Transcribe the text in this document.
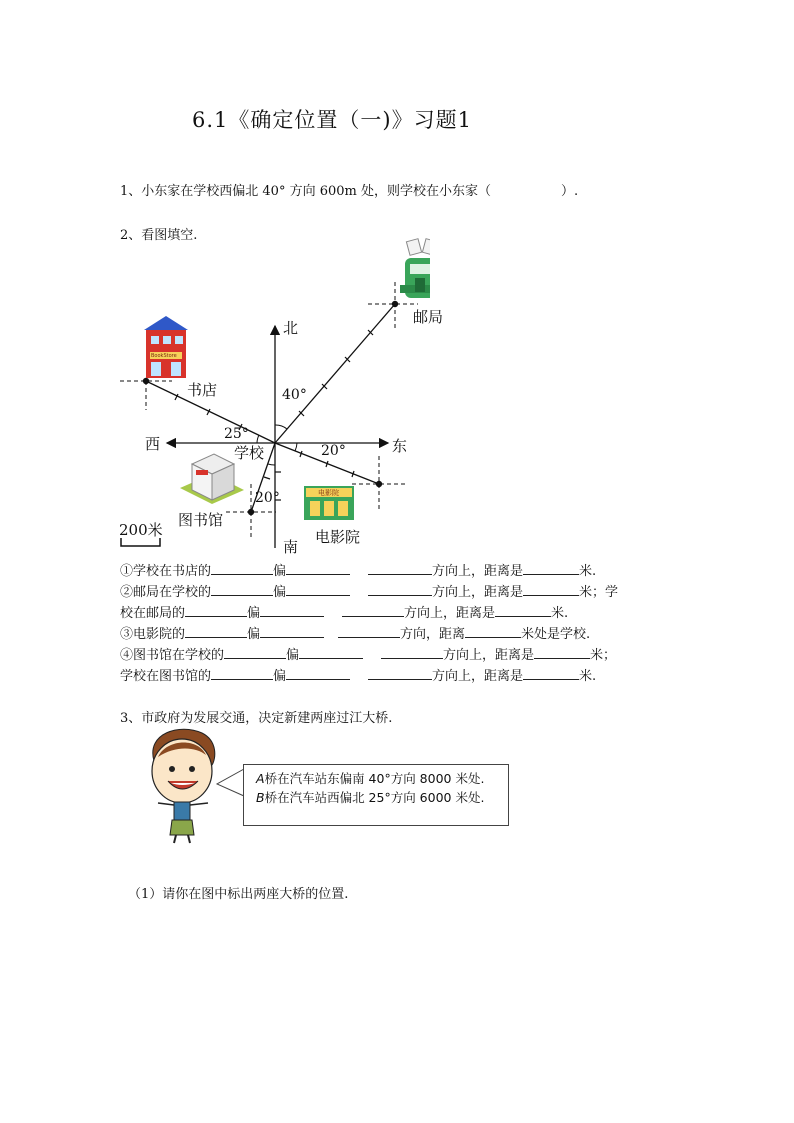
6.1《确定位置（一)》习题1
1、小东家在学校西偏北 40° 方向 600m 处，则学校在小东家（	）.
2、看图填空.
北
南
东
西	学校
书店
邮局
电影院
图书馆
40°
25°
20°
20°
200米
BookStore
电影院
①学校在书店的	偏	方向上，距离是	米.
②邮局在学校的	偏	方向上，距离是	米；学
校在邮局的	偏	方向上，距离是	米.
③电影院的	偏	方向，距离	米处是学校.
④图书馆在学校的	偏	方向上，距离是	米；
学校在图书馆的	偏	方向上，距离是	米.
3、市政府为发展交通，决定新建两座过江大桥.
A桥在汽车站东偏南 40°方向 8000 米处.
B桥在汽车站西偏北 25°方向 6000 米处.
（1）请你在图中标出两座大桥的位置.
